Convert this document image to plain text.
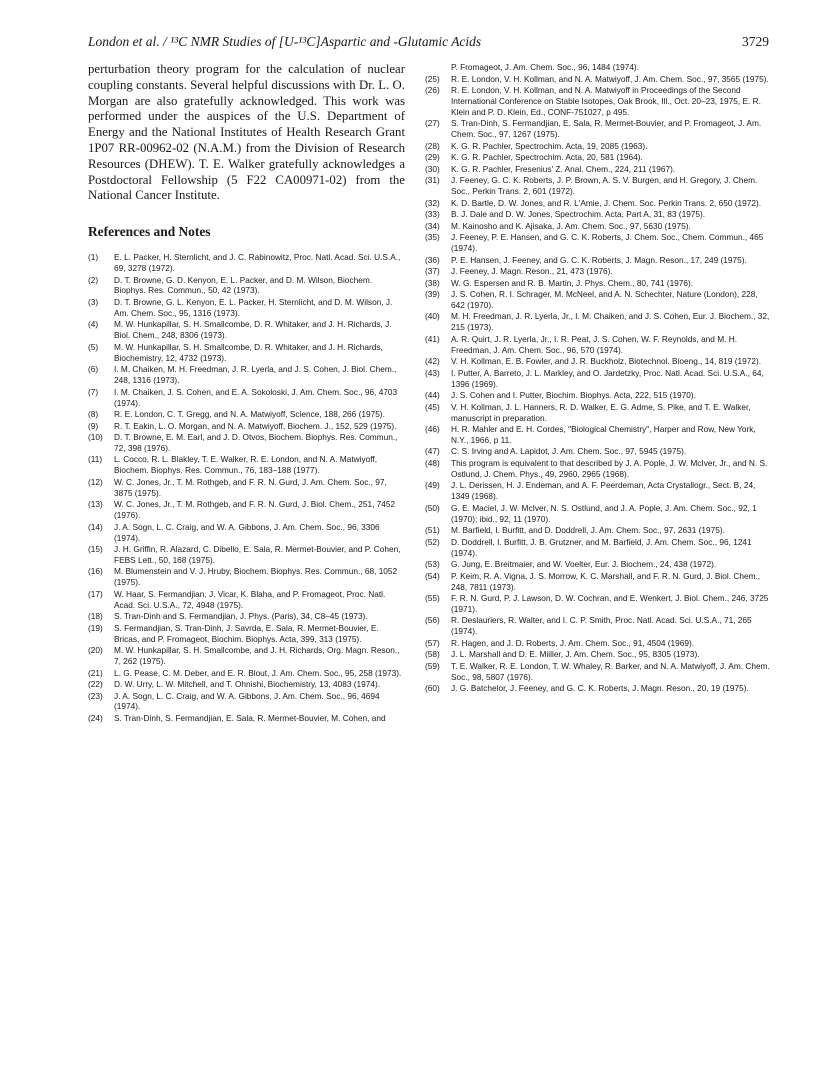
London et al. / ¹³C NMR Studies of [U-¹³C]Aspartic and -Glutamic Acids	3729

perturbation theory program for the calculation of nuclear coupling constants. Several helpful discussions with Dr. L. O. Morgan are also gratefully acknowledged. This work was performed under the auspices of the U.S. Department of Energy and the National Institutes of Health Research Grant 1P07 RR-00962-02 (N.A.M.) from the Division of Research Resources (DHEW). T. E. Walker gratefully acknowledges a Postdoctoral Fellowship (5 F22 CA00971-02) from the National Cancer Institute.

References and Notes
(1)	E. L. Packer, H. Sternlicht, and J. C. Rabinowitz, Proc. Natl. Acad. Sci. U.S.A., 69, 3278 (1972).
(2)	D. T. Browne, G. D. Kenyon, E. L. Packer, and D. M. Wilson, Biochem. Biophys. Res. Commun., 50, 42 (1973).
(3)	D. T. Browne, G. L. Kenyon, E. L. Packer, H. Sternlicht, and D. M. Wilson, J. Am. Chem. Soc., 95, 1316 (1973).
(4)	M. W. Hunkapillar, S. H. Smallcombe, D. R. Whitaker, and J. H. Richards, J. Biol. Chem., 248, 8306 (1973).
(5)	M. W. Hunkapillar, S. H. Smallcombe, D. R. Whitaker, and J. H. Richards, Biochemistry, 12, 4732 (1973).
(6)	I. M. Chaiken, M. H. Freedman, J. R. Lyerla, and J. S. Cohen, J. Biol. Chem., 248, 1316 (1973).
(7)	I. M. Chaiken, J. S. Cohen, and E. A. Sokoloski, J. Am. Chem. Soc., 96, 4703 (1974).
(8)	R. E. London, C. T. Gregg, and N. A. Matwiyoff, Science, 188, 266 (1975).
(9)	R. T. Eakin, L. O. Morgan, and N. A. Matwiyoff, Biochem. J., 152, 529 (1975).
(10)	D. T. Browne, E. M. Earl, and J. D. Otvos, Biochem. Biophys. Res. Commun., 72, 398 (1976).
(11)	L. Cocco, R. L. Blakley, T. E. Walker, R. E. London, and N. A. Matwiyoff, Biochem. Biophys. Res. Commun., 76, 183–188 (1977).
(12)	W. C. Jones, Jr., T. M. Rothgeb, and F. R. N. Gurd, J. Am. Chem. Soc., 97, 3875 (1975).
(13)	W. C. Jones, Jr., T. M. Rothgeb, and F. R. N. Gurd, J. Biol. Chem., 251, 7452 (1976).
(14)	J. A. Sogn, L. C. Craig, and W. A. Gibbons, J. Am. Chem. Soc., 96, 3306 (1974).
(15)	J. H. Griffin, R. Alazard, C. Dibello, E. Sala, R. Mermet-Bouvier, and P. Cohen, FEBS Lett., 50, 168 (1975).
(16)	M. Blumenstein and V. J. Hruby, Biochem. Biophys. Res. Commun., 68, 1052 (1975).
(17)	W. Haar, S. Fermandjian, J. Vicar, K. Blaha, and P. Fromageot, Proc. Natl. Acad. Sci. U.S.A., 72, 4948 (1975).
(18)	S. Tran-Dinh and S. Fermandjian, J. Phys. (Paris), 34, C8–45 (1973).
(19)	S. Fermandjian, S. Tran-Dinh, J. Savrda, E. Sala, R. Mermet-Bouvier, E. Bricas, and P. Fromageot, Biochim. Biophys. Acta, 399, 313 (1975).
(20)	M. W. Hunkapillar, S. H. Smallcombe, and J. H. Richards, Org. Magn. Reson., 7, 262 (1975).
(21)	L. G. Pease, C. M. Deber, and E. R. Blout, J. Am. Chem. Soc., 95, 258 (1973).
(22)	D. W. Urry, L. W. Mitchell, and T. Ohnishi, Biochemistry, 13, 4083 (1974).
(23)	J. A. Sogn, L. C. Craig, and W. A. Gibbons, J. Am. Chem. Soc., 96, 4694 (1974).
(24)	S. Tran-Dinh, S. Fermandjian, E. Sala, R. Mermet-Bouvier, M. Cohen, and
P. Fromageot, J. Am. Chem. Soc., 96, 1484 (1974).
(25)	R. E. London, V. H. Kollman, and N. A. Matwiyoff, J. Am. Chem. Soc., 97, 3565 (1975).
(26)	R. E. London, V. H. Kollman, and N. A. Matwiyoff in Proceedings of the Second International Conference on Stable Isotopes, Oak Brook, Ill., Oct. 20–23, 1975, E. R. Klein and P. D. Klein, Ed., CONF-751027, p 495.
(27)	S. Tran-Dinh, S. Fermandjian, E. Sala, R. Mermet-Bouvier, and P. Fromageot, J. Am. Chem. Soc., 97, 1267 (1975).
(28)	K. G. R. Pachler, Spectrochim. Acta, 19, 2085 (1963).
(29)	K. G. R. Pachler, Spectrochim. Acta, 20, 581 (1964).
(30)	K. G. R. Pachler, Fresenius' Z. Anal. Chem., 224, 211 (1967).
(31)	J. Feeney, G. C. K. Roberts, J. P. Brown, A. S. V. Burgen, and H. Gregory, J. Chem. Soc., Perkin Trans. 2, 601 (1972).
(32)	K. D. Bartle, D. W. Jones, and R. L'Amie, J. Chem. Soc. Perkin Trans. 2, 650 (1972).
(33)	B. J. Dale and D. W. Jones, Spectrochim. Acta, Part A, 31, 83 (1975).
(34)	M. Kainosho and K. Ajisaka, J. Am. Chem. Soc., 97, 5630 (1975).
(35)	J. Feeney, P. E. Hansen, and G. C. K. Roberts, J. Chem. Soc., Chem. Commun., 465 (1974).
(36)	P. E. Hansen, J. Feeney, and G. C. K. Roberts, J. Magn. Reson., 17, 249 (1975).
(37)	J. Feeney, J. Magn. Reson., 21, 473 (1976).
(38)	W. G. Espersen and R. B. Martin, J. Phys. Chem., 80, 741 (1976).
(39)	J. S. Cohen, R. I. Schrager, M. McNeel, and A. N. Schechter, Nature (London), 228, 642 (1970).
(40)	M. H. Freedman, J. R. Lyerla, Jr., I. M. Chaiken, and J. S. Cohen, Eur. J. Biochem., 32, 215 (1973).
(41)	A. R. Quirt, J. R. Lyerla, Jr., I. R. Peat, J. S. Cohen, W. F. Reynolds, and M. H. Freedman, J. Am. Chem. Soc., 96, 570 (1974).
(42)	V. H. Kollman, E. B. Fowler, and J. R. Buckholz, Biotechnol. Bioeng., 14, 819 (1972).
(43)	I. Putter, A. Barreto, J. L. Markley, and O. Jardetzky, Proc. Natl. Acad. Sci. U.S.A., 64, 1396 (1969).
(44)	J. S. Cohen and I. Putter, Biochim. Biophys. Acta, 222, 515 (1970).
(45)	V. H. Kollman, J. L. Hanners, R. D. Walker, E. G. Adme, S. Pike, and T. E. Walker, manuscript in preparation.
(46)	H. R. Mahler and E. H. Cordes, "Biological Chemistry", Harper and Row, New York, N.Y., 1966, p 11.
(47)	C. S. Irving and A. Lapidot, J. Am. Chem. Soc., 97, 5945 (1975).
(48)	This program is equivalent to that described by J. A. Pople, J. W. McIver, Jr., and N. S. Ostlund, J. Chem. Phys., 49, 2960, 2965 (1968).
(49)	J. L. Derissen, H. J. Endeman, and A. F. Peerdeman, Acta Crystallogr., Sect. B, 24, 1349 (1968).
(50)	G. E. Maciel, J. W. McIver, N. S. Ostlund, and J. A. Pople, J. Am. Chem. Soc., 92, 1 (1970); ibid., 92, 11 (1970).
(51)	M. Barfield, I. Burfitt, and D. Doddrell, J. Am. Chem. Soc., 97, 2631 (1975).
(52)	D. Doddrell, I. Burfitt, J. B. Grutzner, and M. Barfield, J. Am. Chem. Soc., 96, 1241 (1974).
(53)	G. Jung, E. Breitmaier, and W. Voelter, Eur. J. Biochem., 24, 438 (1972).
(54)	P. Keim, R. A. Vigna, J. S. Morrow, K. C. Marshall, and F. R. N. Gurd, J. Biol. Chem., 248, 7811 (1973).
(55)	F. R. N. Gurd, P. J. Lawson, D. W. Cochran, and E. Wenkert, J. Biol. Chem., 246, 3725 (1971).
(56)	R. Deslauriers, R. Walter, and I. C. P. Smith, Proc. Natl. Acad. Sci. U.S.A., 71, 265 (1974).
(57)	R. Hagen, and J. D. Roberts, J. Am. Chem. Soc., 91, 4504 (1969).
(58)	J. L. Marshall and D. E. Miiller, J. Am. Chem. Soc., 95, 8305 (1973).
(59)	T. E. Walker, R. E. London, T. W. Whaley, R. Barker, and N. A. Matwiyoff, J. Am. Chem. Soc., 98, 5807 (1976).
(60)	J. G. Batchelor, J. Feeney, and G. C. K. Roberts, J. Magn. Reson., 20, 19 (1975).
